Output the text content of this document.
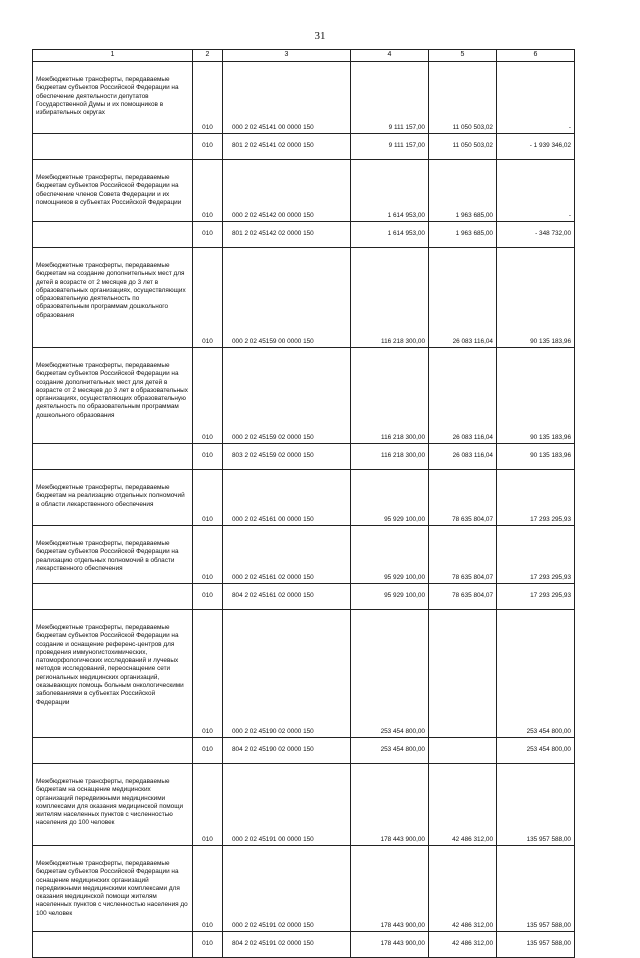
31
1	2	3	4	5	6
Межбюджетные трансферты, передаваемые бюджетам субъектов Российской Федерации на обеспечение деятельности депутатов Государственной Думы и их помощников в избирательных округах	010	000 2 02 45141 00 0000 150	9 111 157,00	11 050 503,02	-
	010	801 2 02 45141 02 0000 150	9 111 157,00	11 050 503,02	- 1 939 346,02
Межбюджетные трансферты, передаваемые бюджетам субъектов Российской Федерации на обеспечение членов Совета Федерации и их помощников в субъектах Российской Федерации	010	000 2 02 45142 00 0000 150	1 614 953,00	1 963 685,00	-
	010	801 2 02 45142 02 0000 150	1 614 953,00	1 963 685,00	- 348 732,00
Межбюджетные трансферты, передаваемые бюджетам на создание дополнительных мест для детей в возрасте от 2 месяцев до 3 лет в образовательных организациях, осуществляющих образовательную деятельность по образовательным программам дошкольного образования	010	000 2 02 45159 00 0000 150	116 218 300,00	26 083 116,04	90 135 183,96
Межбюджетные трансферты, передаваемые бюджетам субъектов Российской Федерации на создание дополнительных мест для детей в возрасте от 2 месяцев до 3 лет в образовательных организациях, осуществляющих образовательную деятельность по образовательным программам дошкольного образования	010	000 2 02 45159 02 0000 150	116 218 300,00	26 083 116,04	90 135 183,96
	010	803 2 02 45159 02 0000 150	116 218 300,00	26 083 116,04	90 135 183,96
Межбюджетные трансферты, передаваемые бюджетам на реализацию отдельных полномочий в области лекарственного обеспечения	010	000 2 02 45161 00 0000 150	95 929 100,00	78 635 804,07	17 293 295,93
Межбюджетные трансферты, передаваемые бюджетам субъектов Российской Федерации на реализацию отдельных полномочий в области лекарственного обеспечения	010	000 2 02 45161 02 0000 150	95 929 100,00	78 635 804,07	17 293 295,93
	010	804 2 02 45161 02 0000 150	95 929 100,00	78 635 804,07	17 293 295,93
Межбюджетные трансферты, передаваемые бюджетам субъектов Российской Федерации на создание и оснащение референс-центров для проведения иммуногистохимических, патоморфологических исследований и лучевых методов исследований, переоснащение сети региональных медицинских организаций, оказывающих помощь больным онкологическими заболеваниями в субъектах Российской Федерации	010	000 2 02 45190 02 0000 150	253 454 800,00		253 454 800,00
	010	804 2 02 45190 02 0000 150	253 454 800,00		253 454 800,00
Межбюджетные трансферты, передаваемые бюджетам на оснащение медицинских организаций передвижными медицинскими комплексами для оказания медицинской помощи жителям населенных пунктов с численностью населения до 100 человек	010	000 2 02 45191 00 0000 150	178 443 900,00	42 486 312,00	135 957 588,00
Межбюджетные трансферты, передаваемые бюджетам субъектов Российской Федерации на оснащение медицинских организаций передвижными медицинскими комплексами для оказания медицинской помощи жителям населенных пунктов с численностью населения до 100 человек	010	000 2 02 45191 02 0000 150	178 443 900,00	42 486 312,00	135 957 588,00
	010	804 2 02 45191 02 0000 150	178 443 900,00	42 486 312,00	135 957 588,00
